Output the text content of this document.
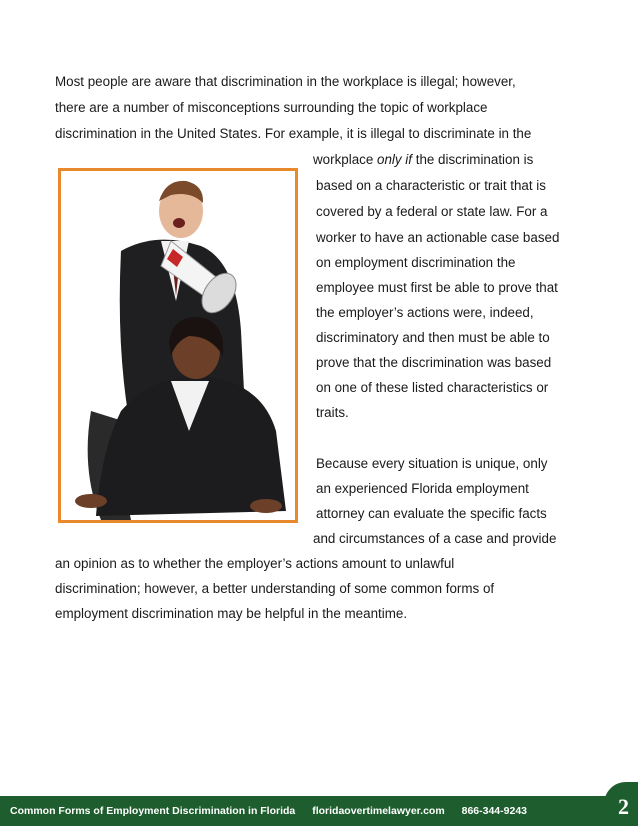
Most people are aware that discrimination in the workplace is illegal; however,

there are a number of misconceptions surrounding the topic of workplace

discrimination in the United States. For example, it is illegal to discriminate in the

workplace only if the discrimination is

based on a characteristic or trait that is

covered by a federal or state law. For a

worker to have an actionable case based

on employment discrimination the

employee must first be able to prove that

the employer’s actions were, indeed,

discriminatory and then must be able to

prove that the discrimination was based

on one of these listed characteristics or

traits.

Because every situation is unique, only

an experienced Florida employment

attorney can evaluate the specific facts

and circumstances of a case and provide

an opinion as to whether the employer’s actions amount to unlawful

discrimination; however, a better understanding of some common forms of

employment discrimination may be helpful in the meantime.

Common Forms of Employment Discrimination in Florida floridaovertimelawyer.com 866-344-9243	2
